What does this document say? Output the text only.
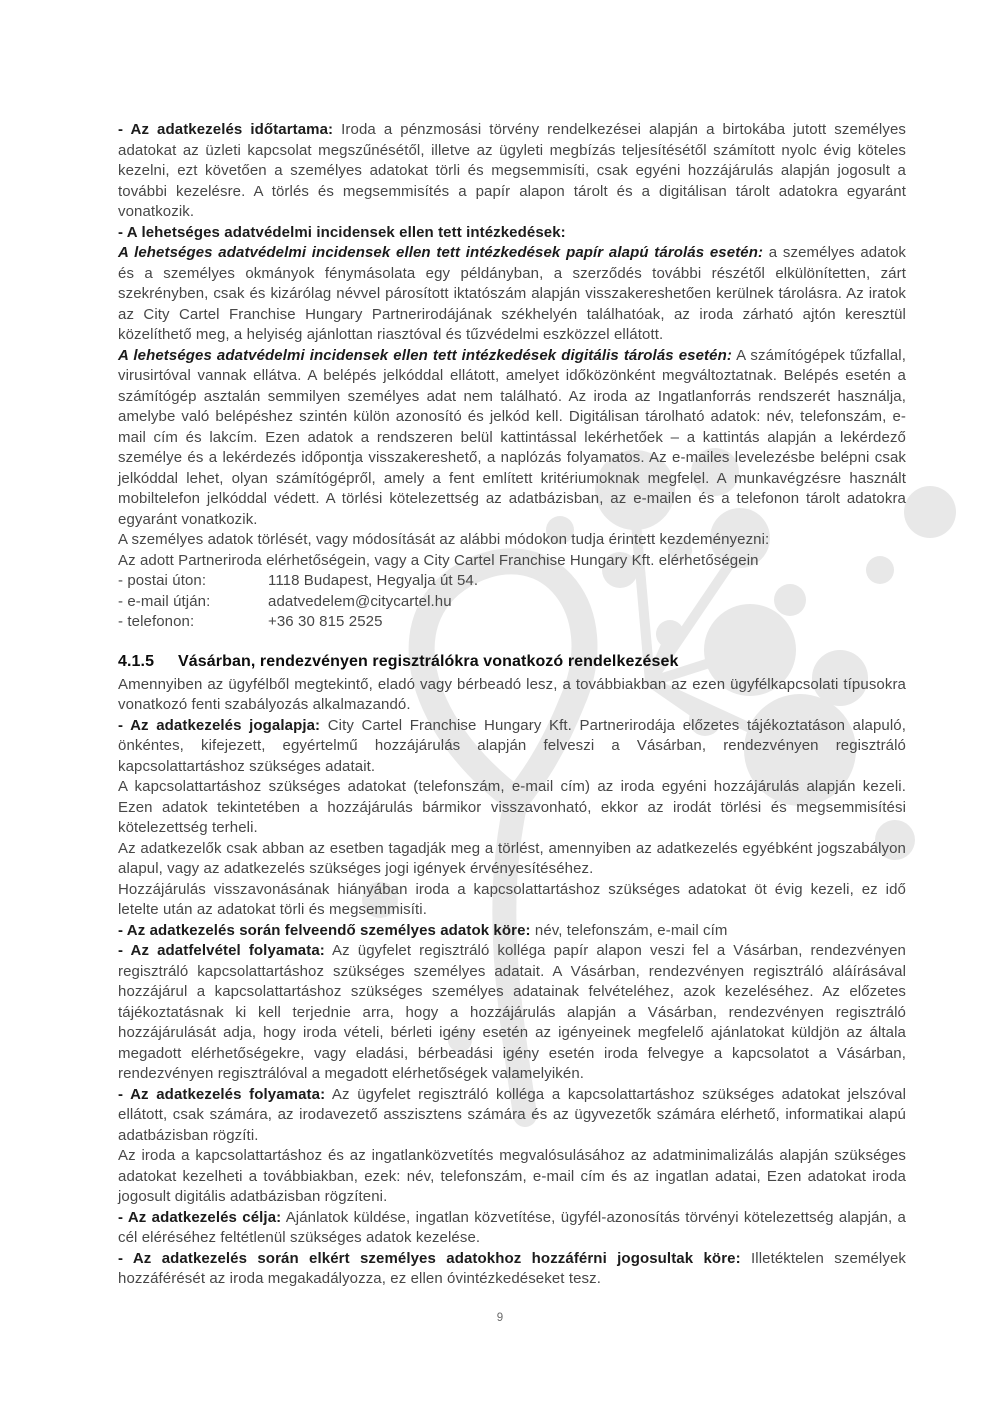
- Az adatkezelés időtartama: Iroda a pénzmosási törvény rendelkezései alapján a birtokába jutott személyes adatokat az üzleti kapcsolat megszűnésétől, illetve az ügyleti megbízás teljesítésétől számított nyolc évig köteles kezelni, ezt követően a személyes adatokat törli és megsemmisíti, csak egyéni hozzájárulás alapján jogosult a további kezelésre. A törlés és megsemmisítés a papír alapon tárolt és a digitálisan tárolt adatokra egyaránt vonatkozik.

- A lehetséges adatvédelmi incidensek ellen tett intézkedések:

A lehetséges adatvédelmi incidensek ellen tett intézkedések papír alapú tárolás esetén: a személyes adatok és a személyes okmányok fénymásolata egy példányban, a szerződés további részétől elkülönítetten, zárt szekrényben, csak és kizárólag névvel párosított iktatószám alapján visszakereshetően kerülnek tárolásra. Az iratok az City Cartel Franchise Hungary Partnerirodájának székhelyén találhatóak, az iroda zárható ajtón keresztül közelíthető meg, a helyiség ajánlottan riasztóval és tűzvédelmi eszközzel ellátott.

A lehetséges adatvédelmi incidensek ellen tett intézkedések digitális tárolás esetén: A számítógépek tűzfallal, virusirtóval vannak ellátva. A belépés jelkóddal ellátott, amelyet időközönként megváltoztatnak. Belépés esetén a számítógép asztalán semmilyen személyes adat nem található. Az iroda az Ingatlanforrás rendszerét használja, amelybe való belépéshez szintén külön azonosító és jelkód kell. Digitálisan tárolható adatok: név, telefonszám, e-mail cím és lakcím. Ezen adatok a rendszeren belül kattintással lekérhetőek – a kattintás alapján a lekérdező személye és a lekérdezés időpontja visszakereshető, a naplózás folyamatos. Az e-mailes levelezésbe belépni csak jelkóddal lehet, olyan számítógépről, amely a fent említett kritériumoknak megfelel. A munkavégzésre használt mobiltelefon jelkóddal védett. A törlési kötelezettség az adatbázisban, az e-mailen és a telefonon tárolt adatokra egyaránt vonatkozik.

A személyes adatok törlését, vagy módosítását az alábbi módokon tudja érintett kezdeményezni:

Az adott Partneriroda elérhetőségein, vagy a City Cartel Franchise Hungary Kft. elérhetőségein

- postai úton:	1118 Budapest, Hegyalja út 54.
- e-mail útján:	adatvedelem@citycartel.hu
- telefonon:	+36 30 815 2525
4.1.5	Vásárban, rendezvényen regisztrálókra vonatkozó rendelkezések

Amennyiben az ügyfélből megtekintő, eladó vagy bérbeadó lesz, a továbbiakban az ezen ügyfélkapcsolati típusokra vonatkozó fenti szabályozás alkalmazandó.

- Az adatkezelés jogalapja: City Cartel Franchise Hungary Kft. Partnerirodája előzetes tájékoztatáson alapuló, önkéntes, kifejezett, egyértelmű hozzájárulás alapján felveszi a Vásárban, rendezvényen regisztráló kapcsolattartáshoz szükséges adatait.

A kapcsolattartáshoz szükséges adatokat (telefonszám, e-mail cím) az iroda egyéni hozzájárulás alapján kezeli. Ezen adatok tekintetében a hozzájárulás bármikor visszavonható, ekkor az irodát törlési és megsemmisítési kötelezettség terheli.

Az adatkezelők csak abban az esetben tagadják meg a törlést, amennyiben az adatkezelés egyébként jogszabályon alapul, vagy az adatkezelés szükséges jogi igények érvényesítéséhez.

Hozzájárulás visszavonásának hiányában iroda a kapcsolattartáshoz szükséges adatokat öt évig kezeli, ez idő letelte után az adatokat törli és megsemmisíti.

- Az adatkezelés során felveendő személyes adatok köre: név, telefonszám, e-mail cím

- Az adatfelvétel folyamata: Az ügyfelet regisztráló kolléga papír alapon veszi fel a Vásárban, rendezvényen regisztráló kapcsolattartáshoz szükséges személyes adatait. A Vásárban, rendezvényen regisztráló aláírásával hozzájárul a kapcsolattartáshoz szükséges személyes adatainak felvételéhez, azok kezeléséhez. Az előzetes tájékoztatásnak ki kell terjednie arra, hogy a hozzájárulás alapján a Vásárban, rendezvényen regisztráló hozzájárulását adja, hogy iroda vételi, bérleti igény esetén az igényeinek megfelelő ajánlatokat küldjön az általa megadott elérhetőségekre, vagy eladási, bérbeadási igény esetén iroda felvegye a kapcsolatot a Vásárban, rendezvényen regisztrálóval a megadott elérhetőségek valamelyikén.

- Az adatkezelés folyamata: Az ügyfelet regisztráló kolléga a kapcsolattartáshoz szükséges adatokat jelszóval ellátott, csak számára, az irodavezető asszisztens számára és az ügyvezetők számára elérhető, informatikai alapú adatbázisban rögzíti.

Az iroda a kapcsolattartáshoz és az ingatlanközvetítés megvalósulásához az adatminimalizálás alapján szükséges adatokat kezelheti a továbbiakban, ezek: név, telefonszám, e-mail cím és az ingatlan adatai, Ezen adatokat iroda jogosult digitális adatbázisban rögzíteni.

- Az adatkezelés célja: Ajánlatok küldése, ingatlan közvetítése, ügyfél-azonosítás törvényi kötelezettség alapján, a cél eléréséhez feltétlenül szükséges adatok kezelése.

- Az adatkezelés során elkért személyes adatokhoz hozzáférni jogosultak köre: Illetéktelen személyek hozzáférését az iroda megakadályozza, ez ellen óvintézkedéseket tesz.

9
